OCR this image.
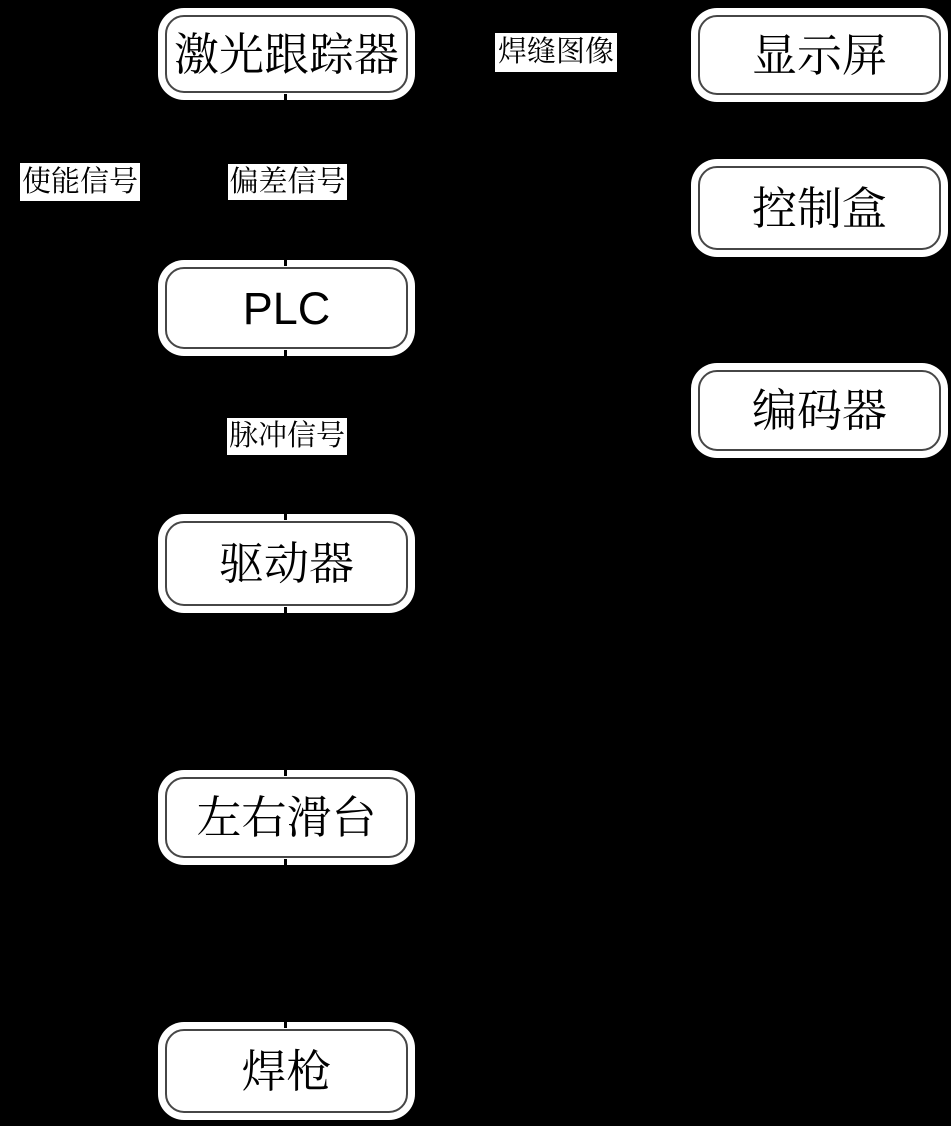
激光跟踪器
PLC
驱动器
左右滑台
焊枪
显示屏
控制盒
编码器
焊缝图像
使能信号	偏差信号
脉冲信号
